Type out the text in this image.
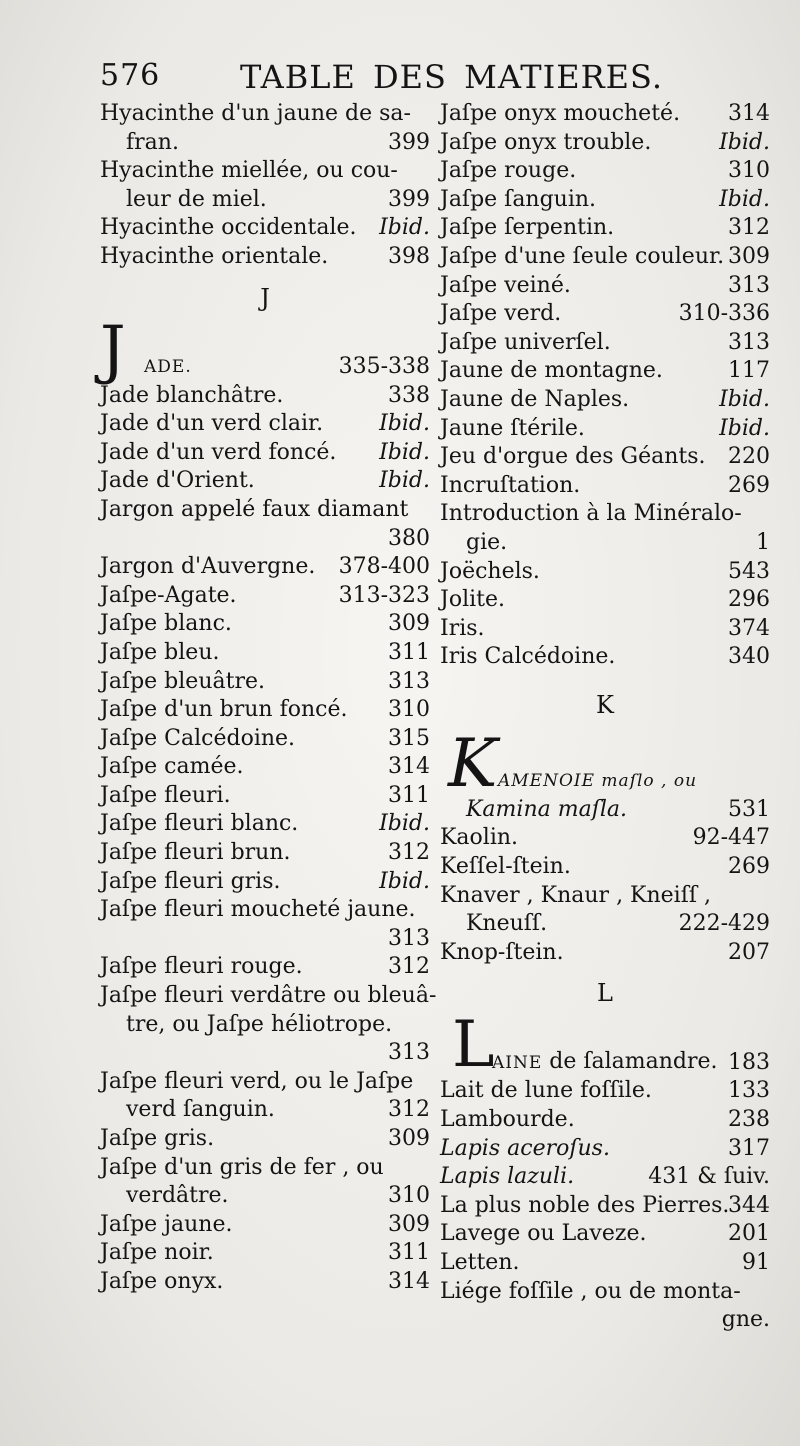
576 TABLE DES MATIERES.
Hyacinthe d'un jaune de sa-
fran.	399
Hyacinthe miellée, ou cou-
leur de miel.	399
Hyacinthe occidentale. Ibid.
Hyacinthe orientale.	398
J
J ADE.	335-338
Jade blanchâtre.	338
Jade d'un verd clair.	Ibid.
Jade d'un verd foncé. Ibid.
Jade d'Orient.	Ibid.
Jargon appelé faux diamant
380
Jargon d'Auvergne. 378-400
Jaſpe-Agate.	313-323
Jaſpe blanc.	309
Jaſpe bleu.	311
Jaſpe bleuâtre.	313
Jaſpe d'un brun foncé. 310
Jaſpe Calcédoine.	315
Jaſpe camée.	314
Jaſpe fleuri.	311
Jaſpe fleuri blanc.	Ibid.
Jaſpe fleuri brun.	312
Jaſpe fleuri gris.	Ibid.
Jaſpe fleuri moucheté jaune.
313
Jaſpe fleuri rouge.	312
Jaſpe fleuri verdâtre ou bleuâ-
tre, ou Jaſpe héliotrope.
313
Jaſpe fleuri verd, ou le Jaſpe
verd ſanguin.	312
Jaſpe gris.	309
Jaſpe d'un gris de fer , ou
verdâtre.	310
Jaſpe jaune.	309
Jaſpe noir.	311
Jaſpe onyx.	314
Jaſpe onyx moucheté. 314
Jaſpe onyx trouble.	Ibid.
Jaſpe rouge.	310
Jaſpe ſanguin.	Ibid.
Jaſpe ſerpentin.	312
Jaſpe d'une ſeule couleur. 309
Jaſpe veiné.	313
Jaſpe verd.	310-336
Jaſpe univerſel.	313
Jaune de montagne.	117
Jaune de Naples.	Ibid.
Jaune ſtérile.	Ibid.
Jeu d'orgue des Géants. 220
Incruſtation.	269
Introduction à la Minéralo-
gie.	1
Joëchels.	543
Jolite.	296
Iris.	374
Iris Calcédoine.	340
K
K AMENOIE maſlo , ou
Kamina maſla.	531
Kaolin.	92-447
Keſſel-ſtein.	269
Knaver , Knaur , Kneiſſ ,
Kneuſſ.	222-429
Knop-ſtein.	207
L
L
AINE de ſalamandre. 183
Lait de lune foſſile.	133
Lambourde.	238
Lapis aceroſus.	317
Lapis lazuli.	431 & ſuiv.
La plus noble des Pierres.
344
Lavege ou Laveze.	201
Letten.	91
Liége foſſile , ou de monta-
gne.
